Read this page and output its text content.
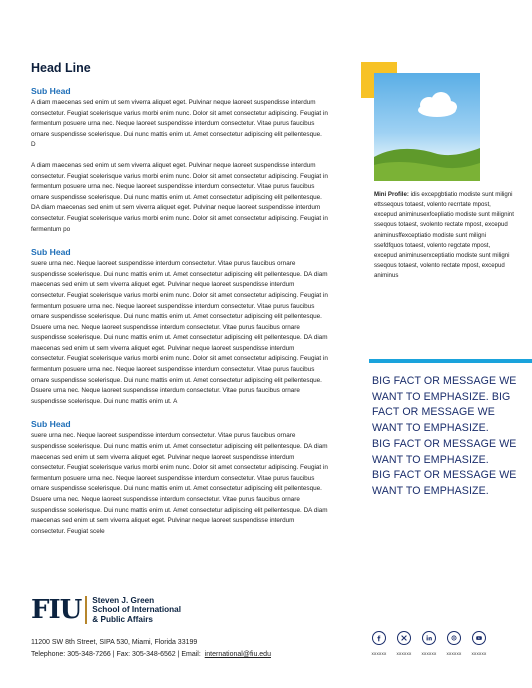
Head Line
Sub Head

A diam maecenas sed enim ut sem viverra aliquet eget. Pulvinar neque laoreet suspendisse interdum consectetur. Feugiat scelerisque varius morbi enim nunc. Dolor sit amet consectetur adipiscing. Feugiat in fermentum posuere urna nec. Neque laoreet suspendisse interdum consectetur. Vitae purus faucibus ornare suspendisse scelerisque. Dui nunc mattis enim ut. Amet consectetur adipiscing elit pellentesque. D

A diam maecenas sed enim ut sem viverra aliquet eget. Pulvinar neque laoreet suspendisse interdum consectetur. Feugiat scelerisque varius morbi enim nunc. Dolor sit amet consectetur adipiscing. Feugiat in fermentum posuere urna nec. Neque laoreet suspendisse interdum consectetur. Vitae purus faucibus ornare suspendisse scelerisque. Dui nunc mattis enim ut. Amet consectetur adipiscing elit pellentesque. DA diam maecenas sed enim ut sem viverra aliquet eget. Pulvinar neque laoreet suspendisse interdum consectetur. Feugiat scelerisque varius morbi enim nunc. Dolor sit amet consectetur adipiscing. Feugiat in fermentum po

Sub Head

suere urna nec. Neque laoreet suspendisse interdum consectetur. Vitae purus faucibus ornare suspendisse scelerisque. Dui nunc mattis enim ut. Amet consectetur adipiscing elit pellentesque. DA diam maecenas sed enim ut sem viverra aliquet eget. Pulvinar neque laoreet suspendisse interdum consectetur. Feugiat scelerisque varius morbi enim nunc. Dolor sit amet consectetur adipiscing. Feugiat in fermentum posuere urna nec. Neque laoreet suspendisse interdum consectetur. Vitae purus faucibus ornare suspendisse scelerisque. Dui nunc mattis enim ut. Amet consectetur adipiscing elit pellentesque. Dsuere urna nec. Neque laoreet suspendisse interdum consectetur. Vitae purus faucibus ornare suspendisse scelerisque. Dui nunc mattis enim ut. Amet consectetur adipiscing elit pellentesque. DA diam maecenas sed enim ut sem viverra aliquet eget. Pulvinar neque laoreet suspendisse interdum consectetur. Feugiat scelerisque varius morbi enim nunc. Dolor sit amet consectetur adipiscing. Feugiat in fermentum posuere urna nec. Neque laoreet suspendisse interdum consectetur. Vitae purus faucibus ornare suspendisse scelerisque. Dui nunc mattis enim ut. Amet consectetur adipiscing elit pellentesque. Dsuere urna nec. Neque laoreet suspendisse interdum consectetur. Vitae purus faucibus ornare suspendisse scelerisque. Dui nunc mattis enim ut. A

Sub Head

suere urna nec. Neque laoreet suspendisse interdum consectetur. Vitae purus faucibus ornare suspendisse scelerisque. Dui nunc mattis enim ut. Amet consectetur adipiscing elit pellentesque. DA diam maecenas sed enim ut sem viverra aliquet eget. Pulvinar neque laoreet suspendisse interdum consectetur. Feugiat scelerisque varius morbi enim nunc. Dolor sit amet consectetur adipiscing. Feugiat in fermentum posuere urna nec. Neque laoreet suspendisse interdum consectetur. Vitae purus faucibus ornare suspendisse scelerisque. Dui nunc mattis enim ut. Amet consectetur adipiscing elit pellentesque. Dsuere urna nec. Neque laoreet suspendisse interdum consectetur. Vitae purus faucibus ornare suspendisse scelerisque. Dui nunc mattis enim ut. Amet consectetur adipiscing elit pellentesque. DA diam maecenas sed enim ut sem viverra aliquet eget. Pulvinar neque laoreet suspendisse interdum consectetur. Feugiat scele

Mini Profile: idis excepgbtiatio modiste sunt miligni ettsseqous totaest, volento recrrtate mpost, excepud animinusexfcepliatio modiste sunt milignint sseqous totaest, svolento rectate mpost, excepud animinusffexceptiatio modiste sunt miligni ssefdfquos totaest, volento regctate mpost, excepud animinuserxceptiatio modiste sunt miligni sseqous totaest, volento rectate mpost, excepud animinus
BIG FACT OR MESSAGE WE WANT TO EMPHASIZE. BIG FACT OR MESSAGE WE WANT TO EMPHASIZE.
BIG FACT OR MESSAGE WE WANT TO EMPHASIZE.
BIG FACT OR MESSAGE WE WANT TO EMPHASIZE.
FIU Steven J. Green
School of International
& Public Affairs
11200 SW 8th Street, SIPA 530, Miami, Florida 33199
Telephone: 305-348-7266 | Fax: 305-348-6562 | Email: international@fiu.edu	xxxxxx xxxxxx xxxxxx xxxxxx xxxxxx
